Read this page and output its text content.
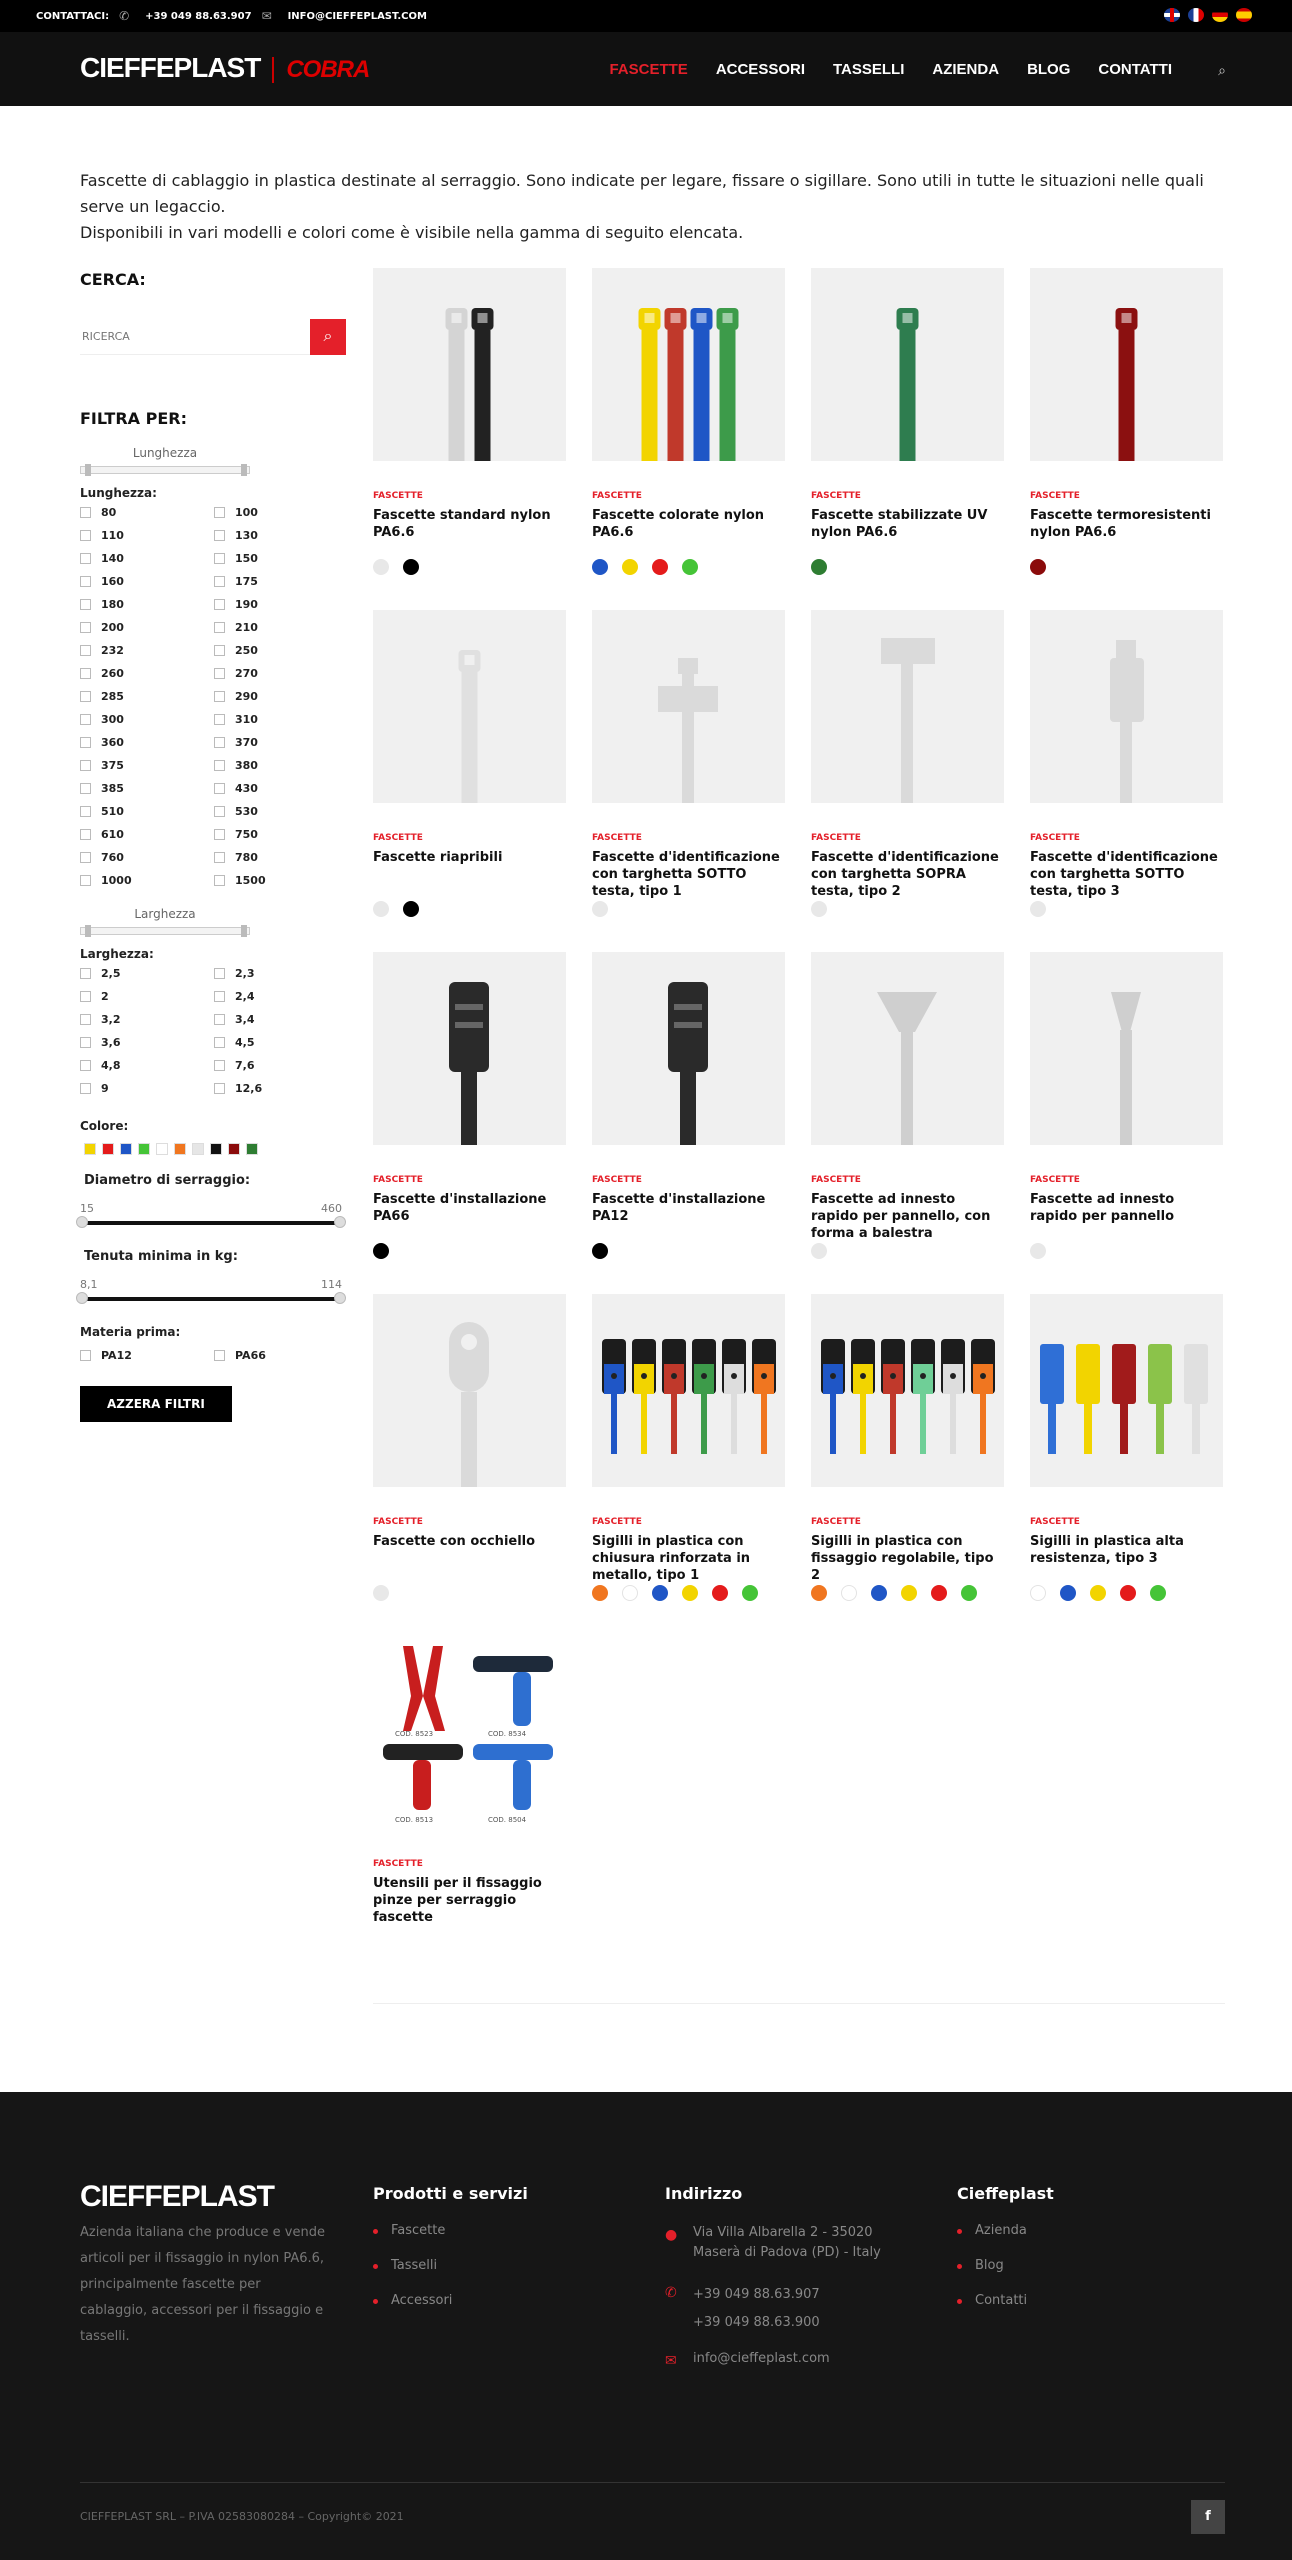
CONTATTACI: ✆	+39 049 88.63.907 ✉	INFO@CIEFFEPLAST.COM
CIEFFEPLAST COBRA	FASCETTE ACCESSORI TASSELLI AZIENDA BLOG CONTATTI	⌕
Fascette di cablaggio in plastica destinate al serraggio. Sono indicate per legare, fissare o sigillare. Sono utili in tutte le situazioni nelle quali serve un legaccio.
Disponibili in vari modelli e colori come è visibile nella gamma di seguito elencata.
CERCA:
RICERCA
⌕
FILTRA PER:
Lunghezza
Lunghezza:
80	100
110	130
140	150
160	175
180	190
200	210
232	250
260	270
285	290
300	310
360	370
375	380
385	430
510	530
610	750
760	780
1000	1500
Larghezza
Larghezza:
2,5	2,3
2	2,4
3,2	3,4
3,6	4,5
4,8	7,6
9	12,6
Colore:
Diametro di serraggio:
15	460
Tenuta minima in kg:
8,1	114
Materia prima:
PA12	PA66
AZZERA FILTRI
FASCETTE
Fascette standard nylon PA6.6
FASCETTE
Fascette colorate nylon PA6.6
FASCETTE
Fascette stabilizzate UV nylon PA6.6
FASCETTE
Fascette termoresistenti nylon PA6.6
FASCETTE
Fascette riapribili
FASCETTE
Fascette d'identificazione con targhetta SOTTO testa, tipo 1
FASCETTE
Fascette d'identificazione con targhetta SOPRA testa, tipo 2
FASCETTE
Fascette d'identificazione con targhetta SOTTO testa, tipo 3
FASCETTE
Fascette d'installazione PA66
FASCETTE
Fascette d'installazione PA12
FASCETTE
Fascette ad innesto rapido per pannello, con forma a balestra
FASCETTE
Fascette ad innesto rapido per pannello
FASCETTE
Fascette con occhiello
FASCETTE
Sigilli in plastica con chiusura rinforzata in metallo, tipo 1
FASCETTE
Sigilli in plastica con fissaggio regolabile, tipo 2
FASCETTE
Sigilli in plastica alta resistenza, tipo 3
COD. 8523	COD. 8534
COD. 8513	COD. 8504
FASCETTE
Utensili per il fissaggio pinze per serraggio fascette
CIEFFEPLAST
Azienda italiana che produce e vende articoli per il fissaggio in nylon PA6.6, principalmente fascette per cablaggio, accessori per il fissaggio e tasselli.
Prodotti e servizi
Fascette
Tasselli
Accessori
Indirizzo
● Via Villa Albarella 2 - 35020
Maserà di Padova (PD) - Italy
✆ +39 049 88.63.907
+39 049 88.63.900
✉ info@cieffeplast.com
Cieffeplast
Azienda
Blog
Contatti
CIEFFEPLAST SRL – P.IVA 02583080284 – Copyright© 2021	f
